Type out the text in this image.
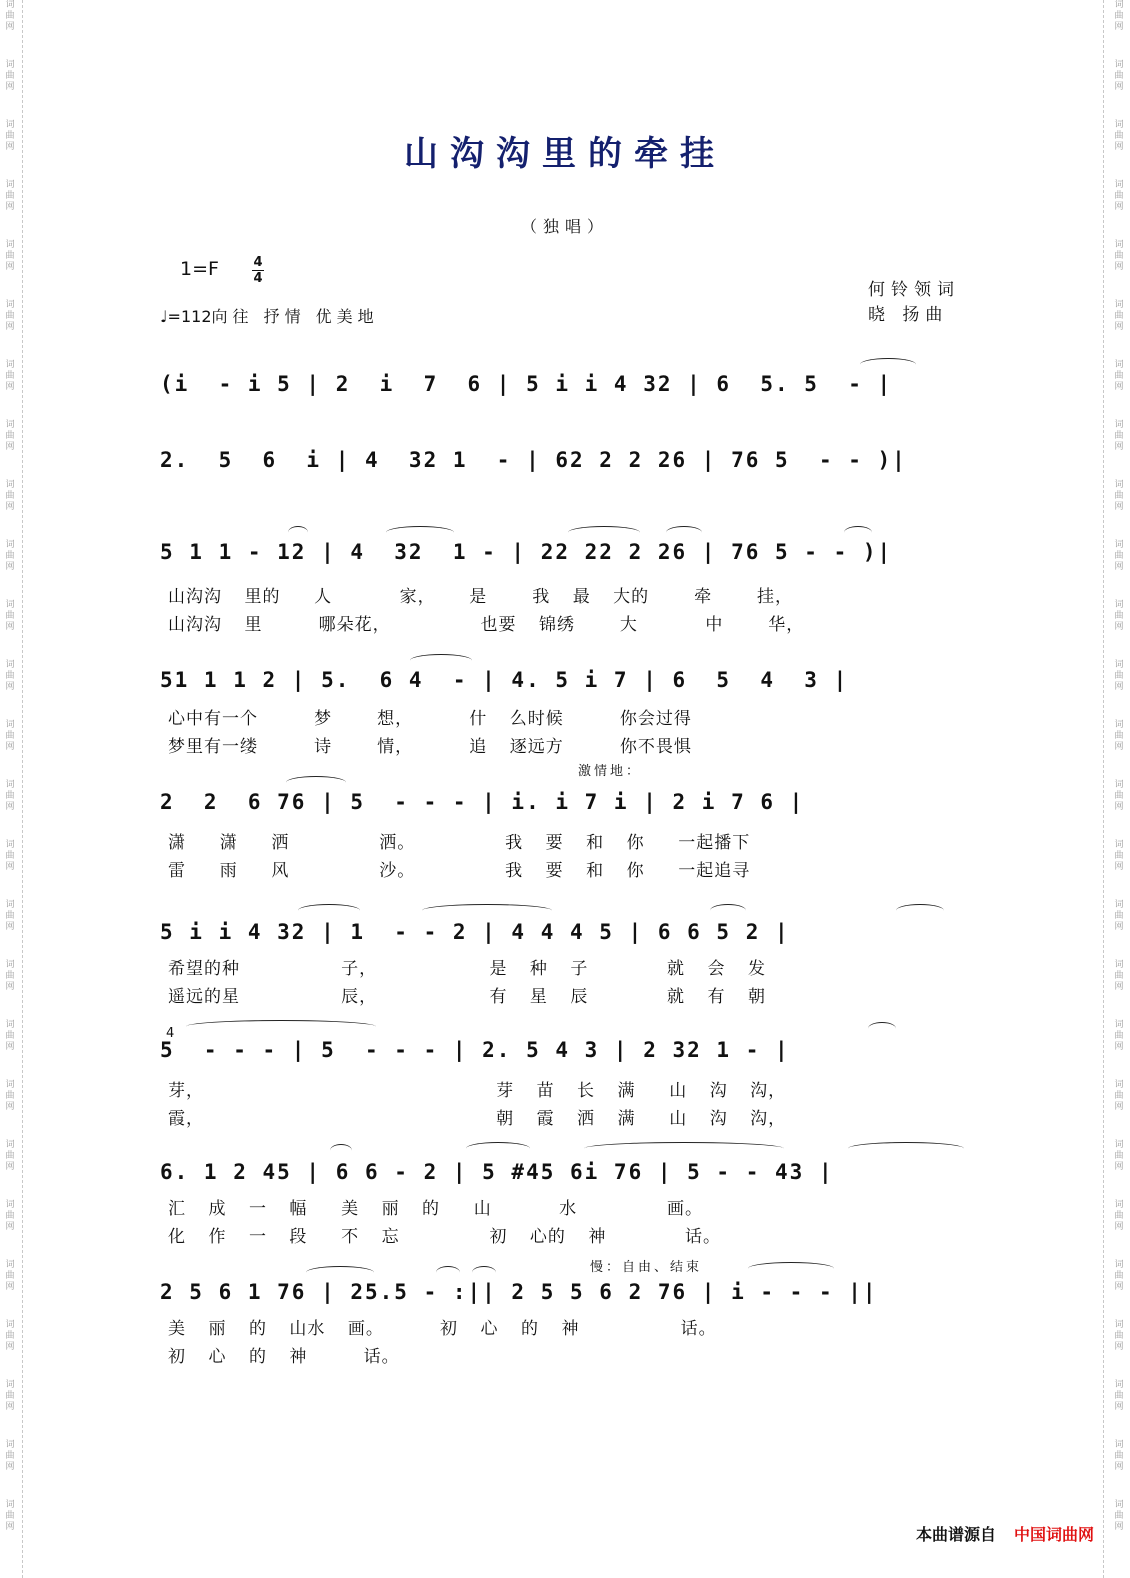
词曲网
词曲网
词曲网
词曲网
词曲网
词曲网
词曲网
词曲网
词曲网
词曲网
词曲网
词曲网
词曲网
词曲网
词曲网
词曲网
词曲网
词曲网
词曲网
词曲网
词曲网
词曲网
词曲网
词曲网
词曲网
词曲网
词曲网
词曲网
词曲网
词曲网
词曲网
词曲网
词曲网
词曲网
词曲网
词曲网
词曲网
词曲网
词曲网
词曲网
词曲网
词曲网
词曲网
词曲网
词曲网
词曲网
词曲网
词曲网
词曲网
词曲网
词曲网
词曲网
山沟沟里的牵挂
（独唱）
1=F	4
4
♩=112向往 抒情 优美地
何铃领词
晓 扬曲
(i  - i 5 | 2  i  7  6 | 5 i i 4 32 | 6  5. 5  - |
2.  5  6  i | 4  32 1  - | 62 2 2 26 | 76 5  - - )|
5 1 1 - 12 | 4  32  1 - | 22 22 2 26 | 76 5 - - )|
山沟沟  里的   人      家，   是    我  最  大的    牵    挂，
山沟沟  里     哪朵花，        也要  锦绣    大      中    华，
51 1 1 2 | 5.  6 4  - | 4. 5 i 7 | 6  5  4  3 |
心中有一个     梦    想，     什  么时候     你会过得
梦里有一缕     诗    情，     追  逐远方     你不畏惧
激情地：
2  2  6 76 | 5  - - - | i. i 7 i | 2 i 7 6 |
潇   潇   洒        洒。        我  要  和  你   一起播下
雷   雨   风        沙。        我  要  和  你   一起追寻
5 i i 4 32 | 1  - - 2 | 4 4 4 5 | 6 6 5 2 |
希望的种         子，          是  种  子       就  会  发
遥远的星         辰，          有  星  辰       就  有  朝
4
5  - - - | 5  - - - | 2. 5 4 3 | 2 32 1 - |
芽，                          芽  苗  长  满   山  沟  沟，
霞，                          朝  霞  洒  满   山  沟  沟，
6. 1 2 45 | 6 6 - 2 | 5 #45 6i 76 | 5 - - 43 |
汇  成  一  幅   美  丽  的   山      水        画。
化  作  一  段   不  忘        初  心的  神       话。
慢：自由、结束
2 5 6 1 76 | 25.5 - :|| 2 5 5 6 2 76 | i - - - ||
美  丽  的  山水  画。     初  心  的  神         话。
初  心  的  神     话。
本曲谱源自 中国词曲网
